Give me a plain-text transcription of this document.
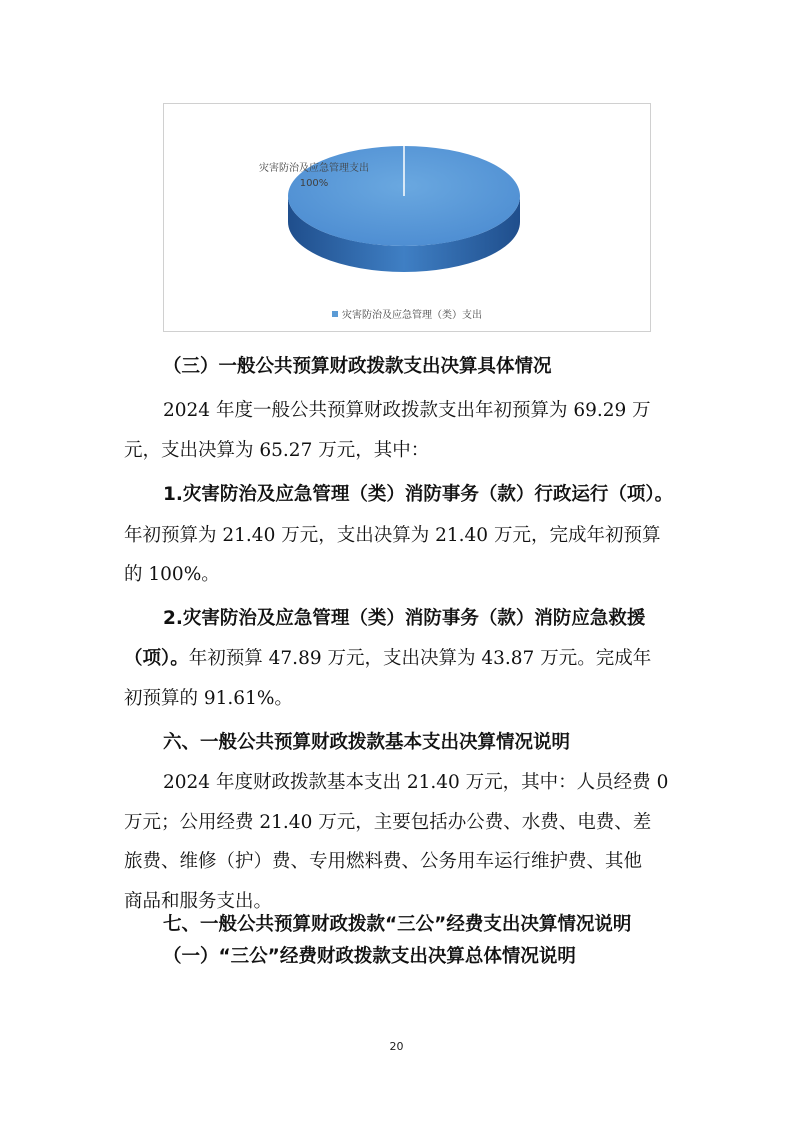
灾害防治及应急管理支出
100%
灾害防治及应急管理（类）支出
（三）一般公共预算财政拨款支出决算具体情况
2024 年度一般公共预算财政拨款支出年初预算为 69.29 万
元，支出决算为 65.27 万元，其中：
1.灾害防治及应急管理（类）消防事务（款）行政运行（项）。
年初预算为 21.40 万元，支出决算为 21.40 万元，完成年初预算
的 100%。
2.灾害防治及应急管理（类）消防事务（款）消防应急救援
（项）。年初预算 47.89 万元，支出决算为 43.87 万元。完成年
初预算的 91.61%。
六、一般公共预算财政拨款基本支出决算情况说明
2024 年度财政拨款基本支出 21.40 万元，其中：人员经费 0
万元；公用经费 21.40 万元，主要包括办公费、水费、电费、差
旅费、维修（护）费、专用燃料费、公务用车运行维护费、其他
商品和服务支出。
七、一般公共预算财政拨款“三公”经费支出决算情况说明
（一）“三公”经费财政拨款支出决算总体情况说明
20
